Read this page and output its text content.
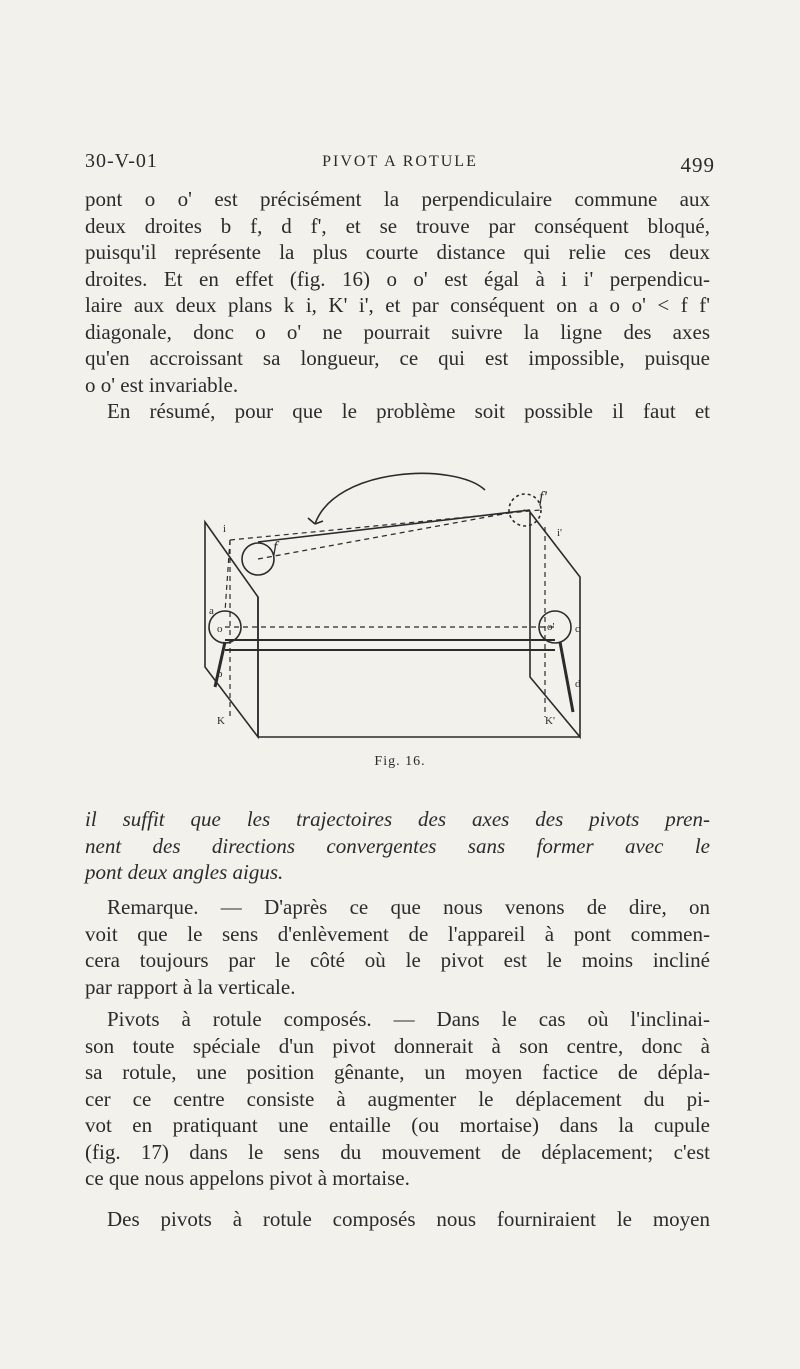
30-V-01	PIVOT A ROTULE	499
pont o o' est précisément la perpendiculaire commune aux
deux droites b f, d f', et se trouve par conséquent bloqué,
puisqu'il représente la plus courte distance qui relie ces deux
droites. Et en effet (fig. 16) o o' est égal à i i' perpendicu-
laire aux deux plans k i, K' i', et par conséquent on a o o' < f f'
diagonale, donc o o' ne pourrait suivre la ligne des axes
qu'en accroissant sa longueur, ce qui est impossible, puisque
o o' est invariable.
En résumé, pour que le problème soit possible il faut et
i
f
f'
i'
a
o
b
c
o'
d
K	K'
Fig. 16.
il suffit que les trajectoires des axes des pivots pren-
nent des directions convergentes sans former avec le
pont deux angles aigus.
Remarque. — D'après ce que nous venons de dire, on
voit que le sens d'enlèvement de l'appareil à pont commen-
cera toujours par le côté où le pivot est le moins incliné
par rapport à la verticale.
Pivots à rotule composés. — Dans le cas où l'inclinai-
son toute spéciale d'un pivot donnerait à son centre, donc à
sa rotule, une position gênante, un moyen factice de dépla-
cer ce centre consiste à augmenter le déplacement du pi-
vot en pratiquant une entaille (ou mortaise) dans la cupule
(fig. 17) dans le sens du mouvement de déplacement; c'est
ce que nous appelons pivot à mortaise.
Des pivots à rotule composés nous fourniraient le moyen
